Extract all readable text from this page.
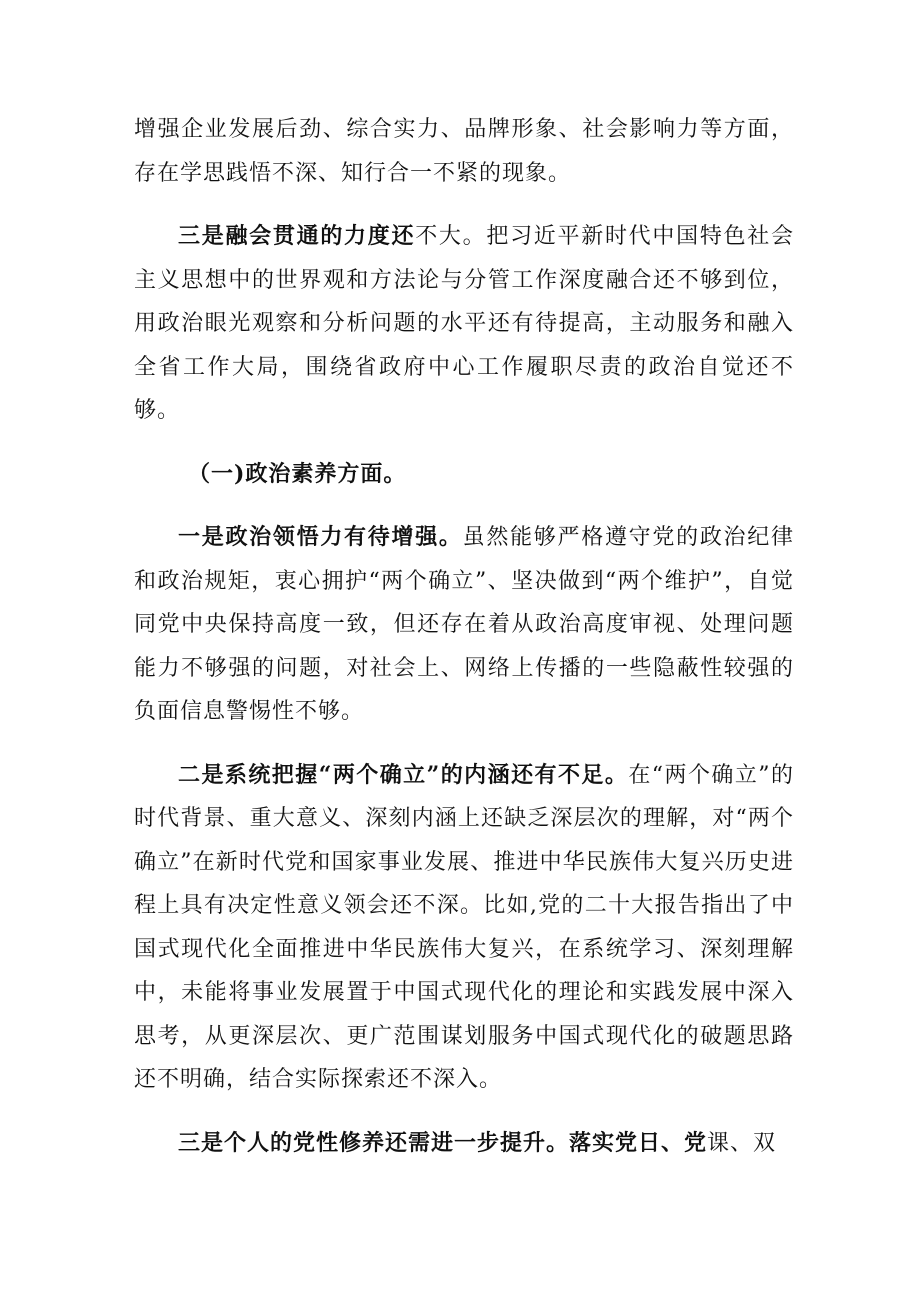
增强企业发展后劲、综合实力、品牌形象、社会影响力等方面，存在学思践悟不深、知行合一不紧的现象。

三是融会贯通的力度还不大。把习近平新时代中国特色社会主义思想中的世界观和方法论与分管工作深度融合还不够到位，用政治眼光观察和分析问题的水平还有待提高，主动服务和融入全省工作大局，围绕省政府中心工作履职尽责的政治自觉还不够。

（一)政治素养方面。

一是政治领悟力有待增强。虽然能够严格遵守党的政治纪律和政治规矩，衷心拥护“两个确立”、坚决做到“两个维护”，自觉同党中央保持高度一致，但还存在着从政治高度审视、处理问题能力不够强的问题，对社会上、网络上传播的一些隐蔽性较强的负面信息警惕性不够。

二是系统把握“两个确立”的内涵还有不足。在“两个确立”的时代背景、重大意义、深刻内涵上还缺乏深层次的理解，对“两个确立”在新时代党和国家事业发展、推进中华民族伟大复兴历史进程上具有决定性意义领会还不深。比如,党的二十大报告指出了中国式现代化全面推进中华民族伟大复兴，在系统学习、深刻理解中，未能将事业发展置于中国式现代化的理论和实践发展中深入思考，从更深层次、更广范围谋划服务中国式现代化的破题思路还不明确，结合实际探索还不深入。

三是个人的党性修养还需进一步提升。落实党日、党课、双
